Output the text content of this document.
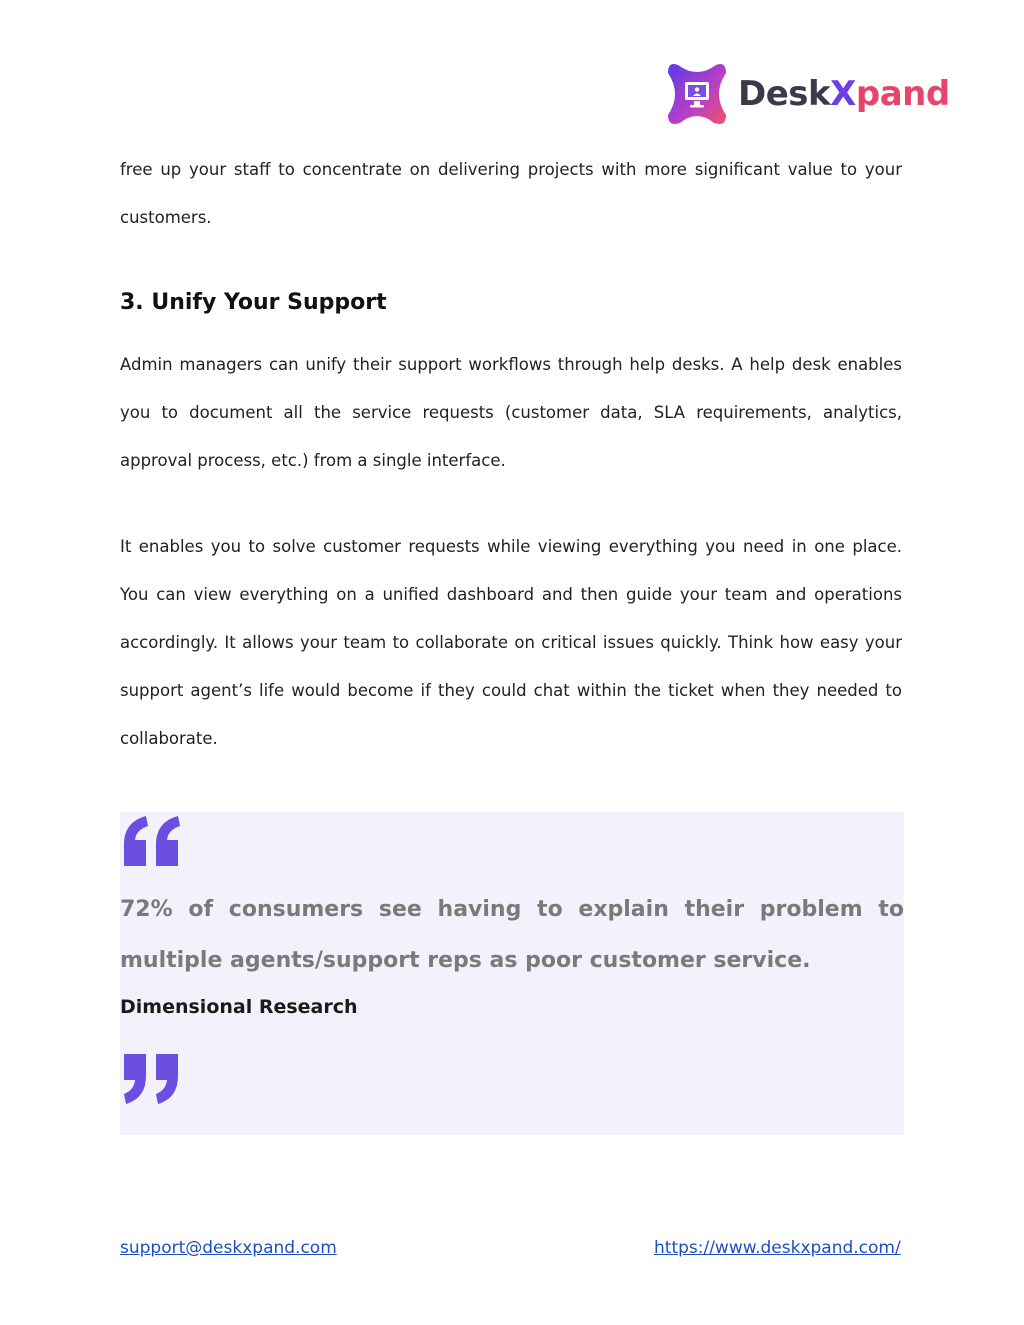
DeskXpand

free up your staff to concentrate on delivering projects with more significant value to your customers.

3. Unify Your Support

Admin managers can unify their support workflows through help desks. A help desk enables you to document all the service requests (customer data, SLA requirements, analytics, approval process, etc.) from a single interface.

It enables you to solve customer requests while viewing everything you need in one place. You can view everything on a unified dashboard and then guide your team and operations accordingly. It allows your team to collaborate on critical issues quickly. Think how easy your support agent’s life would become if they could chat within the ticket when they needed to collaborate.

72% of consumers see having to explain their problem to multiple agents/support reps as poor customer service.

Dimensional Research
support@deskxpand.com	https://www.deskxpand.com/
